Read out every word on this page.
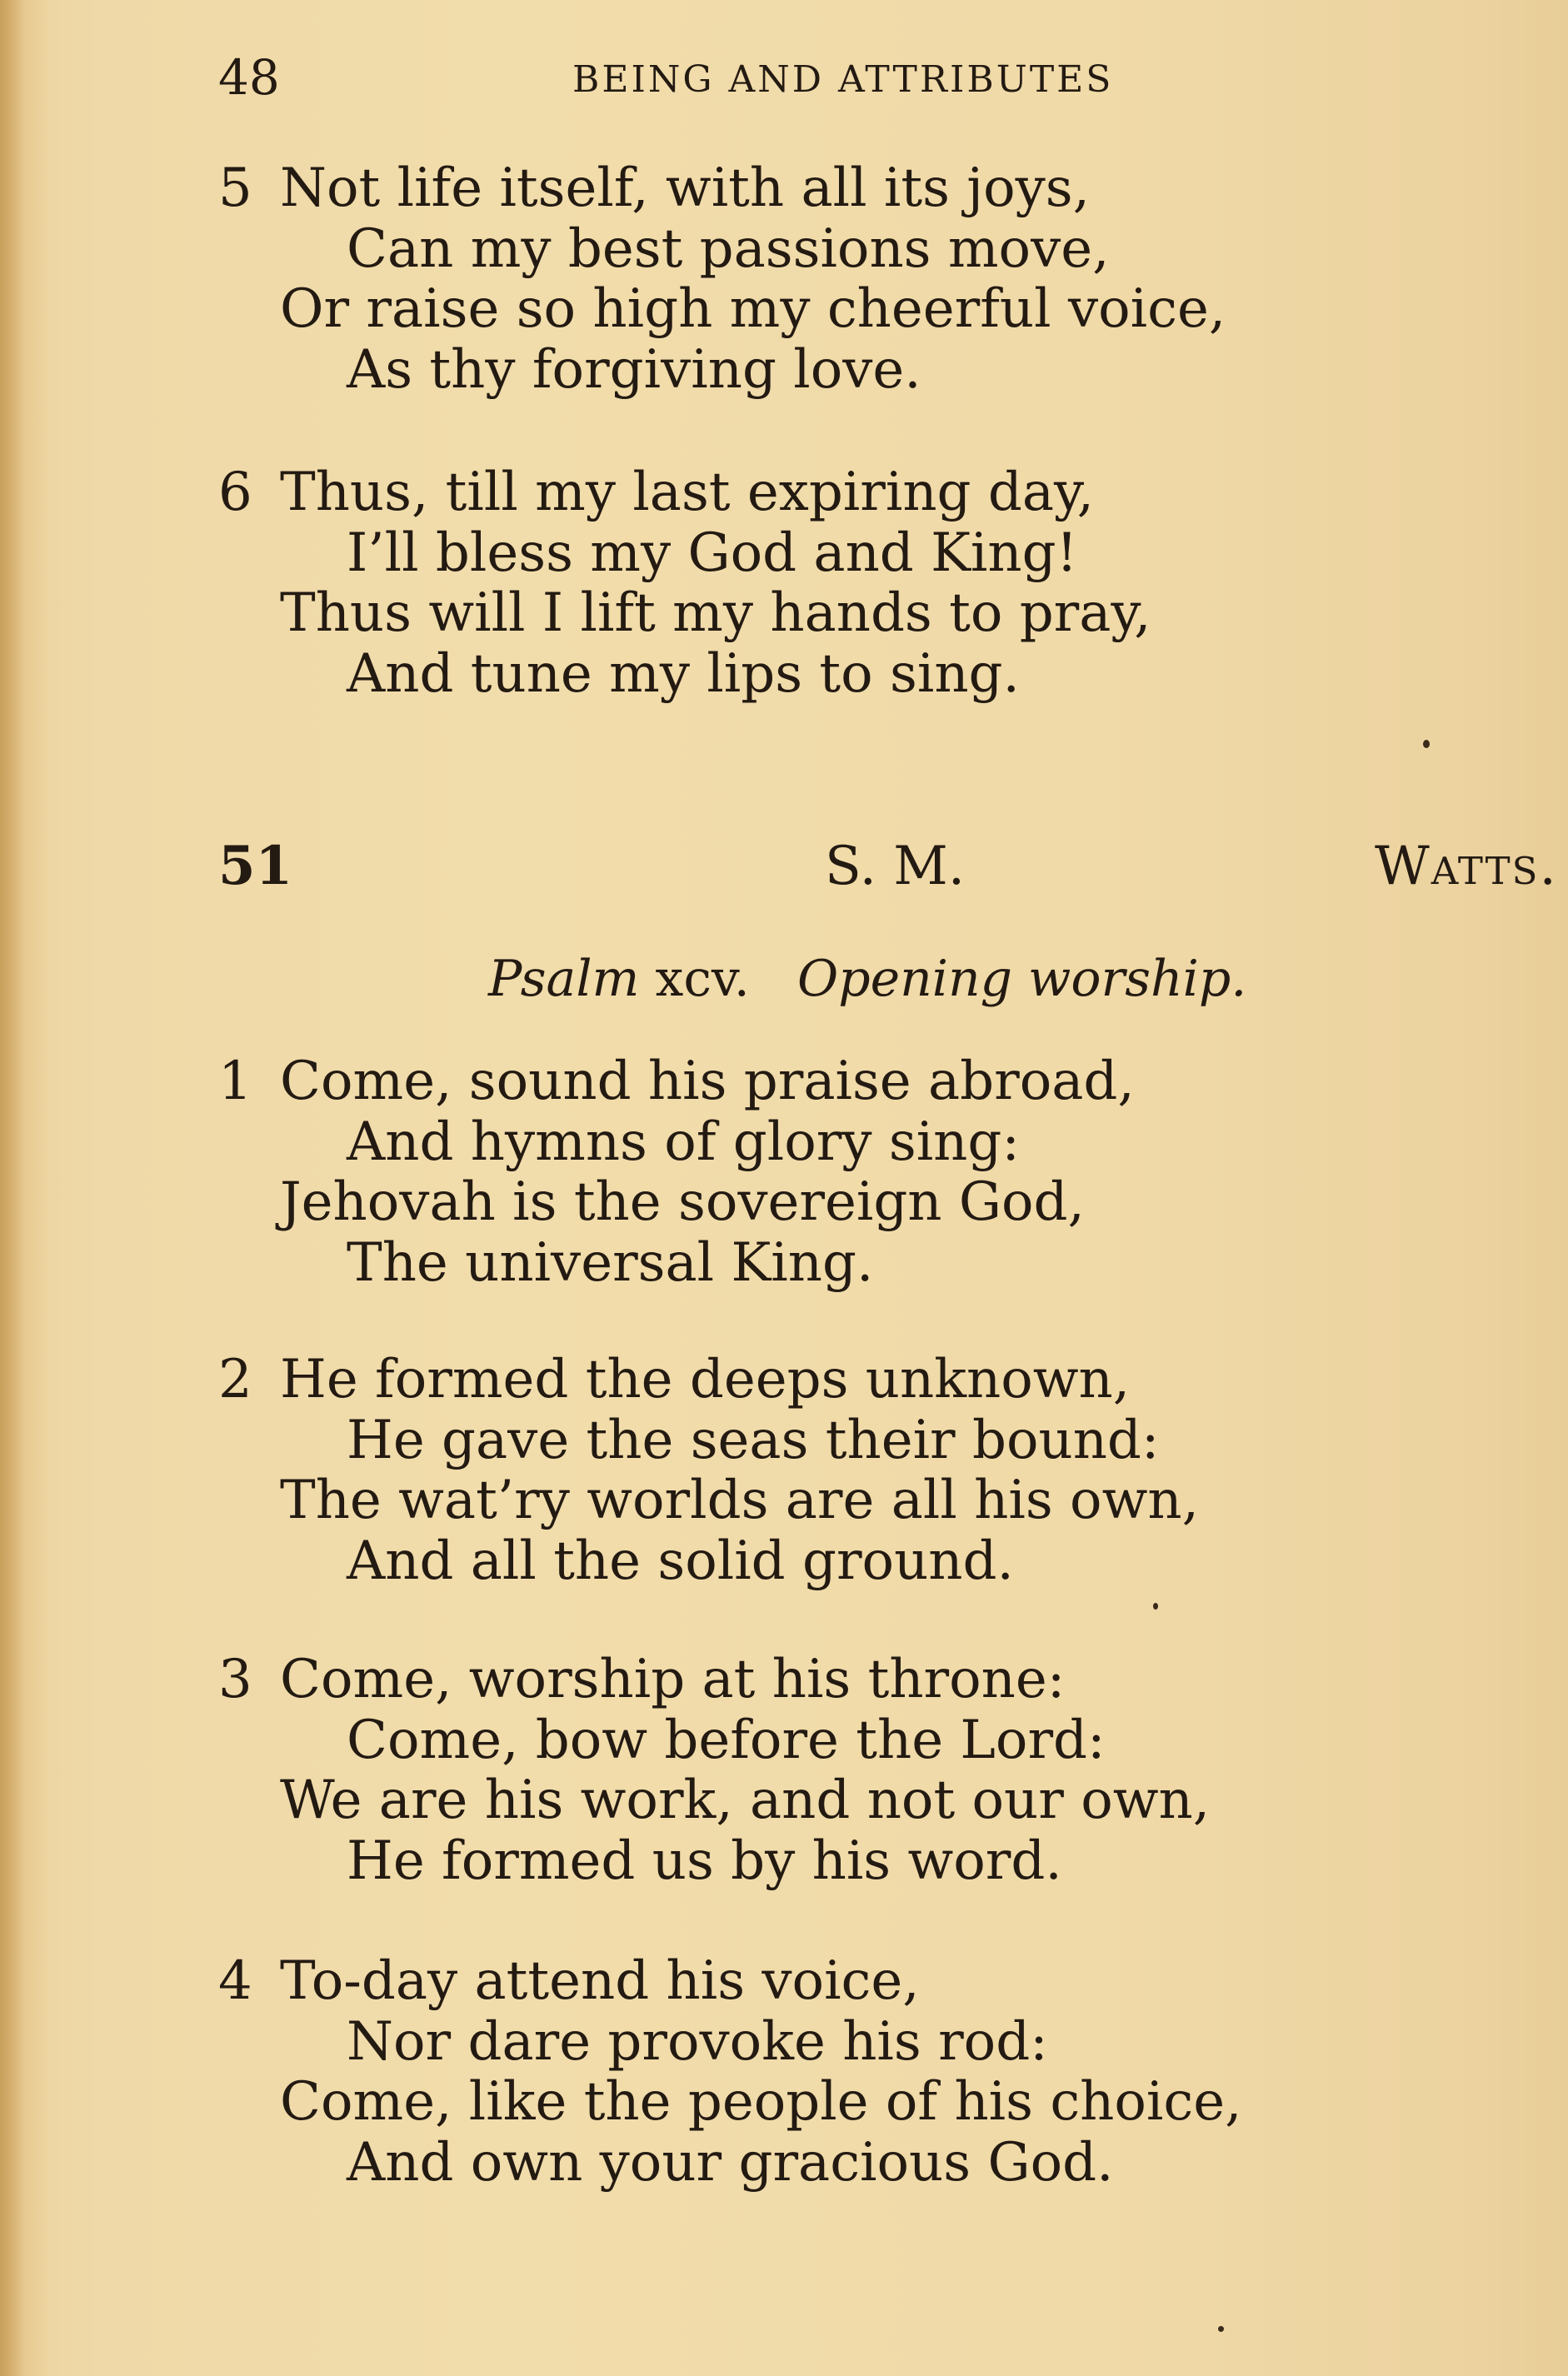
48	BEING AND ATTRIBUTES
5 Not life itself, with all its joys,
Can my best passions move,
Or raise so high my cheerful voice,
As thy forgiving love.
6 Thus, till my last expiring day,
I’ll bless my God and King!
Thus will I lift my hands to pray,
And tune my lips to sing.
51	S. M.	Watts.
Psalm xcv. Opening worship.
1 Come, sound his praise abroad,
And hymns of glory sing:
Jehovah is the sovereign God,
The universal King.
2 He formed the deeps unknown,
He gave the seas their bound:
The wat’ry worlds are all his own,
And all the solid ground.
3 Come, worship at his throne:
Come, bow before the Lord:
We are his work, and not our own,
He formed us by his word.
4 To-day attend his voice,
Nor dare provoke his rod:
Come, like the people of his choice,
And own your gracious God.
